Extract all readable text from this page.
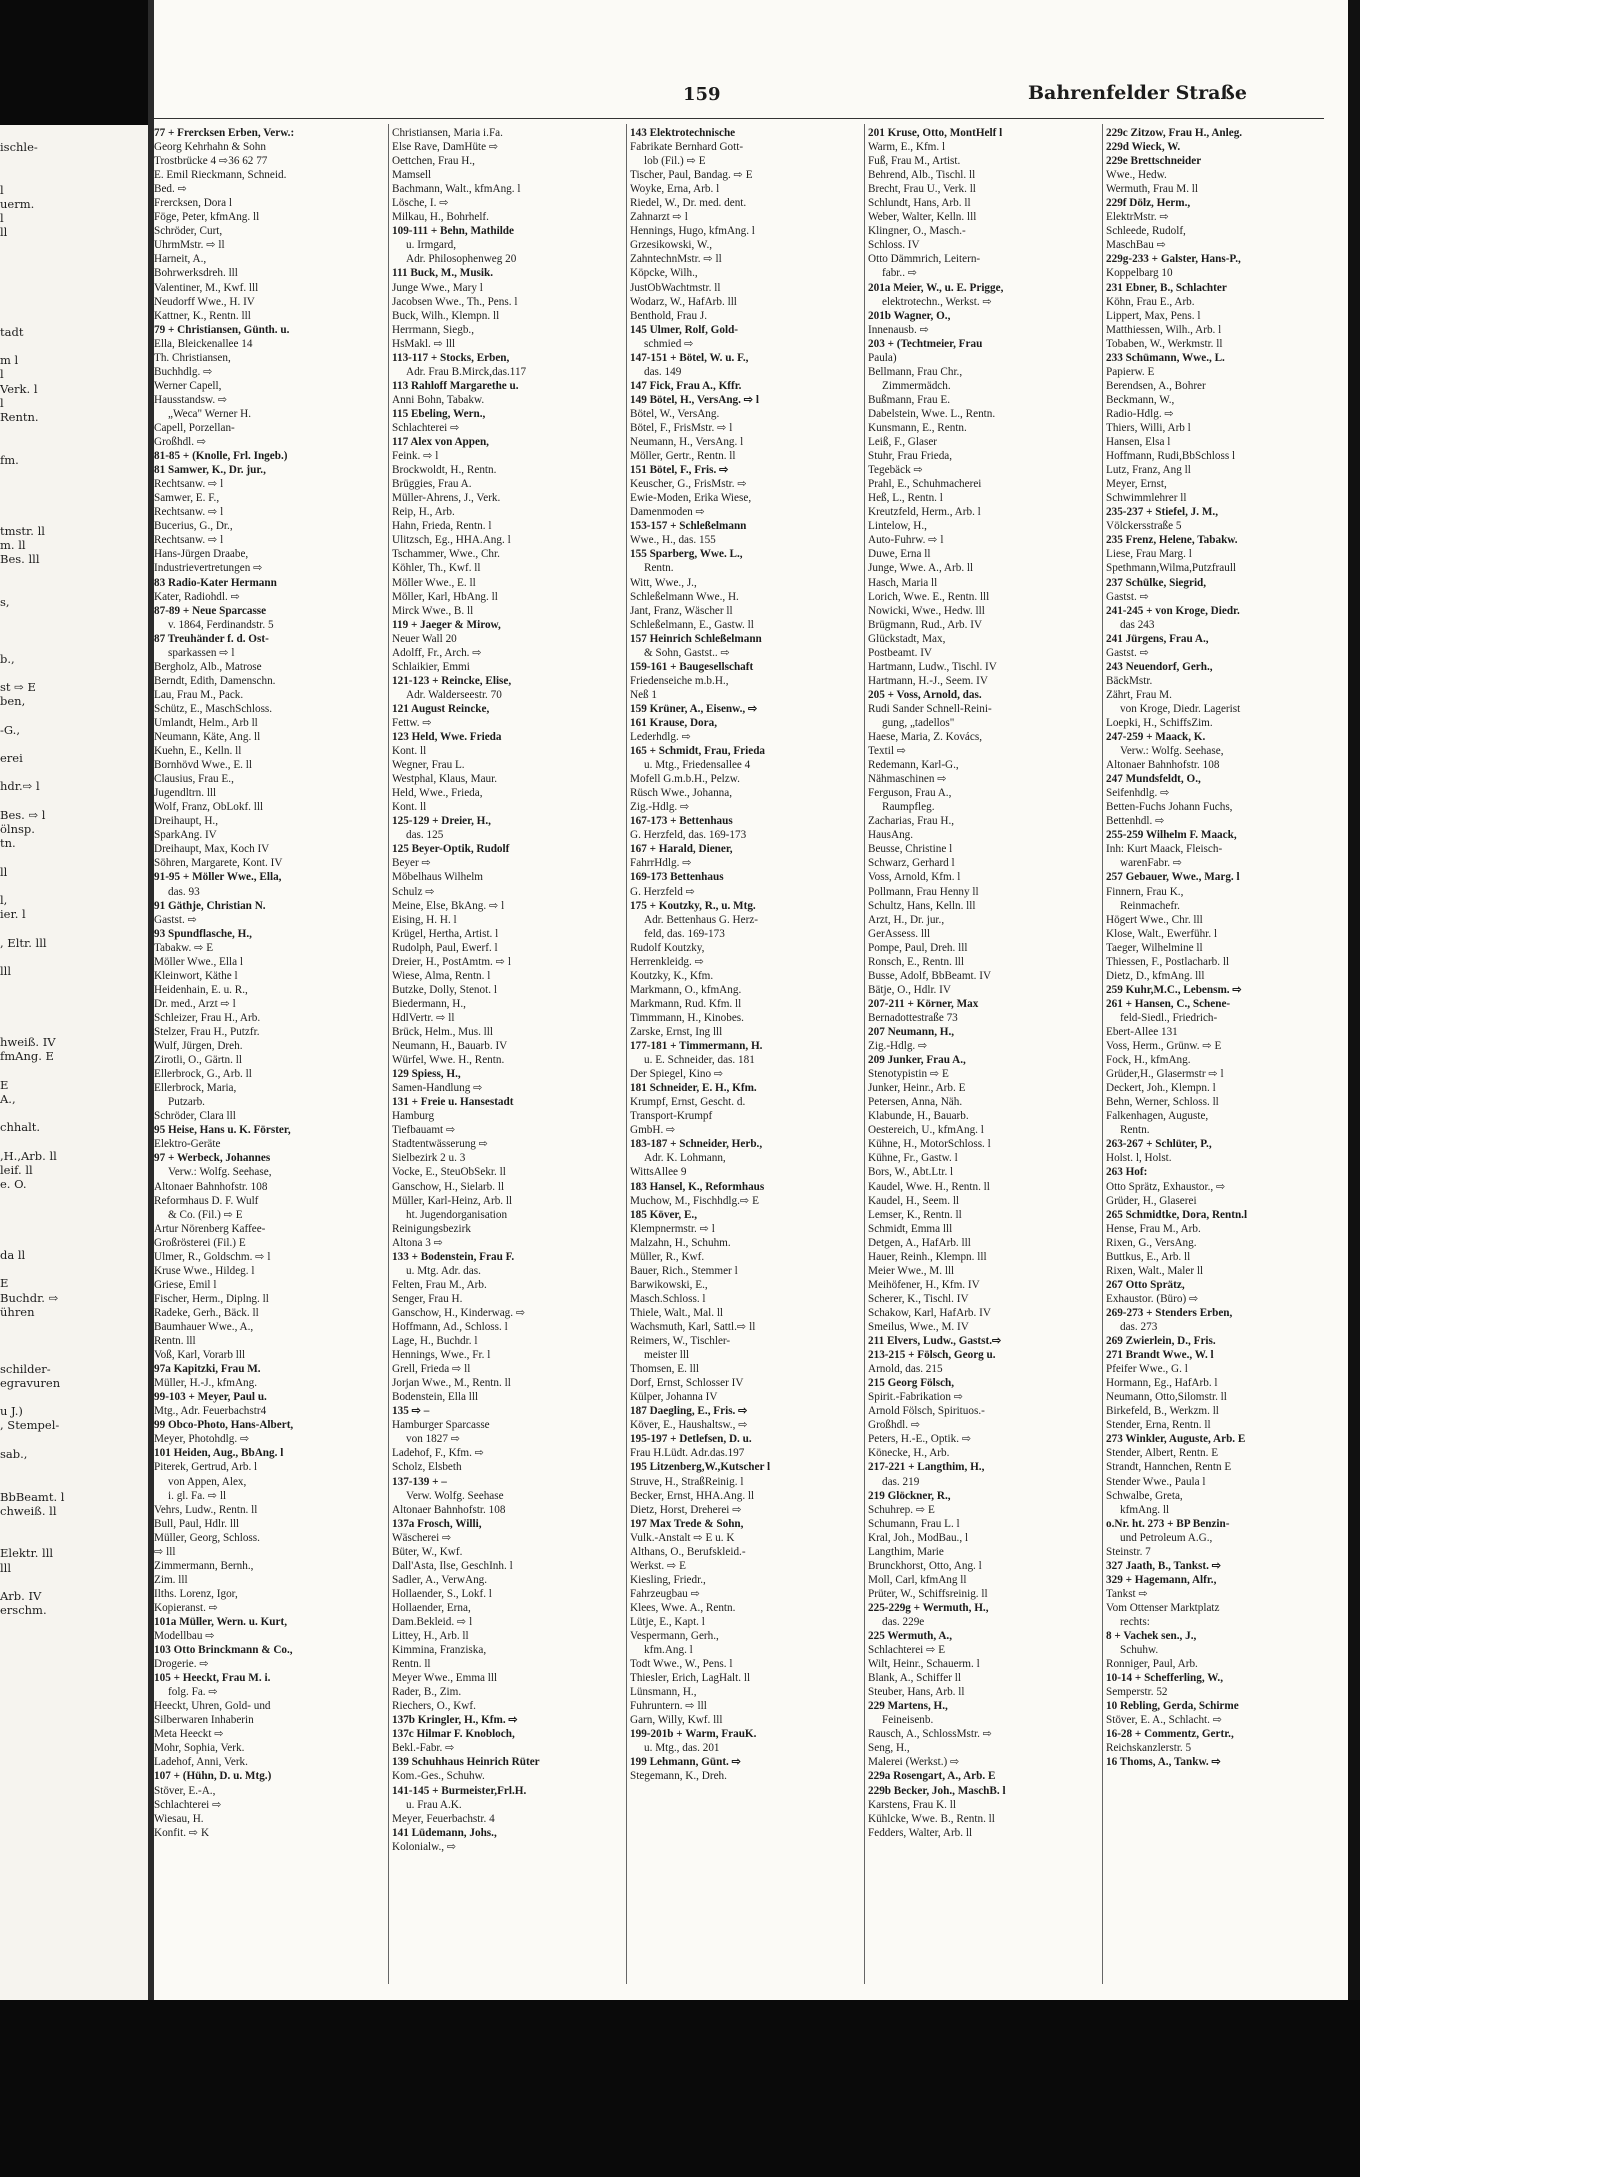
ischle-

l
uerm.
l
ll

tadt

m l
l
Verk. l
l
Rentn.

fm.

tmstr. ll
m. ll
Bes. lll

s,

b.,

st ⇨ E
ben,

-G.,

erei

hdr.⇨ l

Bes. ⇨ l
ölnsp.
tn.

ll

l,
ier. l

, Eltr. lll

lll

hweiß. IV
fmAng. E

E
A.,

chhalt.

,H.,Arb. ll
leif. ll
e. O.

da ll

E
Buchdr. ⇨
ühren

schilder-
egravuren

u J.)
, Stempel-

sab.,

BbBeamt. l
chweiß. ll

Elektr. lll
lll

Arb. IV
erschm.
159	Bahrenfelder Straße
77 + Frercksen Erben, Verw.:
Georg Kehrhahn & Sohn
Trostbrücke 4 ⇨36 62 77
E. Emil Rieckmann, Schneid.
Bed. ⇨
Frercksen, Dora l
Föge, Peter, kfmAng. ll
Schröder, Curt,
UhrmMstr. ⇨ ll
Harneit, A.,
Bohrwerksdreh. lll
Valentiner, M., Kwf. lll
Neudorff Wwe., H. IV
Kattner, K., Rentn. lll
79 + Christiansen, Günth. u.
Ella, Bleickenallee 14
Th. Christiansen,
Buchhdlg. ⇨
Werner Capell,
Hausstandsw. ⇨
„Weca" Werner H.
Capell, Porzellan-
Großhdl. ⇨
81-85 + (Knolle, Frl. Ingeb.)
81 Samwer, K., Dr. jur.,
Rechtsanw. ⇨ l
Samwer, E. F.,
Rechtsanw. ⇨ l
Bucerius, G., Dr.,
Rechtsanw. ⇨ l
Hans-Jürgen Draabe,
Industrievertretungen ⇨
83 Radio-Kater Hermann
Kater, Radiohdl. ⇨
87-89 + Neue Sparcasse
v. 1864, Ferdinandstr. 5
87 Treuhänder f. d. Ost-
sparkassen ⇨ l
Bergholz, Alb., Matrose
Berndt, Edith, Damenschn.
Lau, Frau M., Pack.
Schütz, E., MaschSchloss.
Umlandt, Helm., Arb ll
Neumann, Käte, Ang. ll
Kuehn, E., Kelln. ll
Bornhövd Wwe., E. ll
Clausius, Frau E.,
Jugendltrn. lll
Wolf, Franz, ObLokf. lll
Dreihaupt, H.,
SparkAng. IV
Dreihaupt, Max, Koch IV
Söhren, Margarete, Kont. IV
91-95 + Möller Wwe., Ella,
das. 93
91 Gäthje, Christian N.
Gastst. ⇨
93 Spundflasche, H.,
Tabakw. ⇨ E
Möller Wwe., Ella l
Kleinwort, Käthe l
Heidenhain, E. u. R.,
Dr. med., Arzt ⇨ l
Schleizer, Frau H., Arb.
Stelzer, Frau H., Putzfr.
Wulf, Jürgen, Dreh.
Zirotli, O., Gärtn. ll
Ellerbrock, G., Arb. ll
Ellerbrock, Maria,
Putzarb.
Schröder, Clara lll
95 Heise, Hans u. K. Förster,
Elektro-Geräte
97 + Werbeck, Johannes
Verw.: Wolfg. Seehase,
Altonaer Bahnhofstr. 108
Reformhaus D. F. Wulf
& Co. (Fil.) ⇨ E
Artur Nörenberg Kaffee-
Großrösterei (Fil.) E
Ulmer, R., Goldschm. ⇨ l
Kruse Wwe., Hildeg. l
Griese, Emil l
Fischer, Herm., Diplng. ll
Radeke, Gerh., Bäck. ll
Baumhauer Wwe., A.,
Rentn. lll
Voß, Karl, Vorarb lll
97a Kapitzki, Frau M.
Müller, H.-J., kfmAng.
99-103 + Meyer, Paul u.
Mtg., Adr. Feuerbachstr4
99 Obco-Photo, Hans-Albert,
Meyer, Photohdlg. ⇨
101 Heiden, Aug., BbAng. l
Piterek, Gertrud, Arb. l
von Appen, Alex,
i. gl. Fa. ⇨ ll
Vehrs, Ludw., Rentn. ll
Bull, Paul, Hdlr. lll
Müller, Georg, Schloss.
⇨ lll
Zimmermann, Bernh.,
Zim. lll
Ilths. Lorenz, Igor,
Kopieranst. ⇨
101a Müller, Wern. u. Kurt,
Modellbau ⇨
103 Otto Brinckmann & Co.,
Drogerie. ⇨
105 + Heeckt, Frau M. i.
folg. Fa. ⇨
Heeckt, Uhren, Gold- und
Silberwaren Inhaberin
Meta Heeckt ⇨
Mohr, Sophia, Verk.
Ladehof, Anni, Verk.
107 + (Hühn, D. u. Mtg.)
Stöver, E.-A.,
Schlachterei ⇨
Wiesau, H.
Konfit. ⇨ K
Christiansen, Maria i.Fa.
Else Rave, DamHüte ⇨
Oettchen, Frau H.,
Mamsell
Bachmann, Walt., kfmAng. l
Lösche, I. ⇨
Milkau, H., Bohrhelf.
109-111 + Behn, Mathilde
u. Irmgard,
Adr. Philosophenweg 20
111 Buck, M., Musik.
Junge Wwe., Mary l
Jacobsen Wwe., Th., Pens. l
Buck, Wilh., Klempn. ll
Herrmann, Siegb.,
HsMakl. ⇨ lll
113-117 + Stocks, Erben,
Adr. Frau B.Mirck,das.117
113 Rahloff Margarethe u.
Anni Bohn, Tabakw.
115 Ebeling, Wern.,
Schlachterei ⇨
117 Alex von Appen,
Feink. ⇨ l
Brockwoldt, H., Rentn.
Brüggies, Frau A.
Müller-Ahrens, J., Verk.
Reip, H., Arb.
Hahn, Frieda, Rentn. l
Ulitzsch, Eg., HHA.Ang. l
Tschammer, Wwe., Chr.
Köhler, Th., Kwf. ll
Möller Wwe., E. ll
Möller, Karl, HbAng. ll
Mirck Wwe., B. ll
119 + Jaeger & Mirow,
Neuer Wall 20
Adolff, Fr., Arch. ⇨
Schlaikier, Emmi
121-123 + Reincke, Elise,
Adr. Walderseestr. 70
121 August Reincke,
Fettw. ⇨
123 Held, Wwe. Frieda
Kont. ll
Wegner, Frau L.
Westphal, Klaus, Maur.
Held, Wwe., Frieda,
Kont. ll
125-129 + Dreier, H.,
das. 125
125 Beyer-Optik, Rudolf
Beyer ⇨
Möbelhaus Wilhelm
Schulz ⇨
Meine, Else, BkAng. ⇨ l
Eising, H. H. l
Krügel, Hertha, Artist. l
Rudolph, Paul, Ewerf. l
Dreier, H., PostAmtm. ⇨ l
Wiese, Alma, Rentn. l
Butzke, Dolly, Stenot. l
Biedermann, H.,
HdlVertr. ⇨ ll
Brück, Helm., Mus. lll
Neumann, H., Bauarb. IV
Würfel, Wwe. H., Rentn.
129 Spiess, H.,
Samen-Handlung ⇨
131 + Freie u. Hansestadt
Hamburg
Tiefbauamt ⇨
Stadtentwässerung ⇨
Sielbezirk 2 u. 3
Vocke, E., SteuObSekr. ll
Ganschow, H., Sielarb. ll
Müller, Karl-Heinz, Arb. ll
ht. Jugendorganisation
Reinigungsbezirk
Altona 3 ⇨
133 + Bodenstein, Frau F.
u. Mtg. Adr. das.
Felten, Frau M., Arb.
Senger, Frau H.
Ganschow, H., Kinderwag. ⇨
Hoffmann, Ad., Schloss. l
Lage, H., Buchdr. l
Hennings, Wwe., Fr. l
Grell, Frieda ⇨ ll
Jorjan Wwe., M., Rentn. ll
Bodenstein, Ella lll
135 ⇨ –
Hamburger Sparcasse
von 1827 ⇨
Ladehof, F., Kfm. ⇨
Scholz, Elsbeth
137-139 + –
Verw. Wolfg. Seehase
Altonaer Bahnhofstr. 108
137a Frosch, Willi,
Wäscherei ⇨
Büter, W., Kwf.
Dall'Asta, Ilse, GeschInh. l
Sadler, A., VerwAng.
Hollaender, S., Lokf. l
Hollaender, Erna,
Dam.Bekleid. ⇨ l
Littey, H., Arb. ll
Kimmina, Franziska,
Rentn. ll
Meyer Wwe., Emma lll
Rader, B., Zim.
Riechers, O., Kwf.
137b Kringler, H., Kfm. ⇨
137c Hilmar F. Knobloch,
Bekl.-Fabr. ⇨
139 Schuhhaus Heinrich Rüter
Kom.-Ges., Schuhw.
141-145 + Burmeister,Frl.H.
u. Frau A.K.
Meyer, Feuerbachstr. 4
141 Lüdemann, Johs.,
Kolonialw., ⇨
143 Elektrotechnische
Fabrikate Bernhard Gott-
lob (Fil.) ⇨ E
Tischer, Paul, Bandag. ⇨ E
Woyke, Erna, Arb. l
Riedel, W., Dr. med. dent.
Zahnarzt ⇨ l
Hennings, Hugo, kfmAng. l
Grzesikowski, W.,
ZahntechnMstr. ⇨ ll
Köpcke, Wilh.,
JustObWachtmstr. ll
Wodarz, W., HafArb. lll
Benthold, Frau J.
145 Ulmer, Rolf, Gold-
schmied ⇨
147-151 + Bötel, W. u. F.,
das. 149
147 Fick, Frau A., Kffr.
149 Bötel, H., VersAng. ⇨ l
Bötel, W., VersAng.
Bötel, F., FrisMstr. ⇨ l
Neumann, H., VersAng. l
Möller, Gertr., Rentn. ll
151 Bötel, F., Fris. ⇨
Keuscher, G., FrisMstr. ⇨
Ewie-Moden, Erika Wiese,
Damenmoden ⇨
153-157 + Schleßelmann
Wwe., H., das. 155
155 Sparberg, Wwe. L.,
Rentn.
Witt, Wwe., J.,
Schleßelmann Wwe., H.
Jant, Franz, Wäscher ll
Schleßelmann, E., Gastw. ll
157 Heinrich Schleßelmann
& Sohn, Gastst.. ⇨
159-161 + Baugesellschaft
Friedenseiche m.b.H.,
Neß 1
159 Krüner, A., Eisenw., ⇨
161 Krause, Dora,
Lederhdlg. ⇨
165 + Schmidt, Frau, Frieda
u. Mtg., Friedensallee 4
Mofell G.m.b.H., Pelzw.
Rüsch Wwe., Johanna,
Zig.-Hdlg. ⇨
167-173 + Bettenhaus
G. Herzfeld, das. 169-173
167 + Harald, Diener,
FahrrHdlg. ⇨
169-173 Bettenhaus
G. Herzfeld ⇨
175 + Koutzky, R., u. Mtg.
Adr. Bettenhaus G. Herz-
feld, das. 169-173
Rudolf Koutzky,
Herrenkleidg. ⇨
Koutzky, K., Kfm.
Markmann, O., kfmAng.
Markmann, Rud. Kfm. ll
Timmmann, H., Kinobes.
Zarske, Ernst, Ing lll
177-181 + Timmermann, H.
u. E. Schneider, das. 181
Der Spiegel, Kino ⇨
181 Schneider, E. H., Kfm.
Krumpf, Ernst, Gescht. d.
Transport-Krumpf
GmbH. ⇨
183-187 + Schneider, Herb.,
Adr. K. Lohmann,
WittsAllee 9
183 Hansel, K., Reformhaus
Muchow, M., Fischhdlg.⇨ E
185 Köver, E.,
Klempnermstr. ⇨ l
Malzahn, H., Schuhm.
Müller, R., Kwf.
Bauer, Rich., Stemmer l
Barwikowski, E.,
Masch.Schloss. l
Thiele, Walt., Mal. ll
Wachsmuth, Karl, Sattl.⇨ ll
Reimers, W., Tischler-
meister lll
Thomsen, E. lll
Dorf, Ernst, Schlosser IV
Külper, Johanna IV
187 Daegling, E., Fris. ⇨
Köver, E., Haushaltsw., ⇨
195-197 + Detlefsen, D. u.
Frau H.Lüdt. Adr.das.197
195 Litzenberg,W.,Kutscher l
Struve, H., StraßReinig. l
Becker, Ernst, HHA.Ang. ll
Dietz, Horst, Dreherei ⇨
197 Max Trede & Sohn,
Vulk.-Anstalt ⇨ E u. K
Althans, O., Berufskleid.-
Werkst. ⇨ E
Kiesling, Friedr.,
Fahrzeugbau ⇨
Klees, Wwe. A., Rentn.
Lütje, E., Kapt. l
Vespermann, Gerh.,
kfm.Ang. l
Todt Wwe., W., Pens. l
Thiesler, Erich, LagHalt. ll
Lünsmann, H.,
Fuhruntern. ⇨ lll
Garn, Willy, Kwf. lll
199-201b + Warm, FrauK.
u. Mtg., das. 201
199 Lehmann, Günt. ⇨
Stegemann, K., Dreh.
201 Kruse, Otto, MontHelf l
Warm, E., Kfm. l
Fuß, Frau M., Artist.
Behrend, Alb., Tischl. ll
Brecht, Frau U., Verk. ll
Schlundt, Hans, Arb. ll
Weber, Walter, Kelln. lll
Klingner, O., Masch.-
Schloss. IV
Otto Dämmrich, Leitern-
fabr.. ⇨
201a Meier, W., u. E. Prigge,
elektrotechn., Werkst. ⇨
201b Wagner, O.,
Innenausb. ⇨
203 + (Techtmeier, Frau
Paula)
Bellmann, Frau Chr.,
Zimmermädch.
Bußmann, Frau E.
Dabelstein, Wwe. L., Rentn.
Kunsmann, E., Rentn.
Leiß, F., Glaser
Stuhr, Frau Frieda,
Tegebäck ⇨
Prahl, E., Schuhmacherei
Heß, L., Rentn. l
Kreutzfeld, Herm., Arb. l
Lintelow, H.,
Auto-Fuhrw. ⇨ l
Duwe, Erna ll
Junge, Wwe. A., Arb. ll
Hasch, Maria ll
Lorich, Wwe. E., Rentn. lll
Nowicki, Wwe., Hedw. lll
Brügmann, Rud., Arb. IV
Glückstadt, Max,
Postbeamt. IV
Hartmann, Ludw., Tischl. IV
Hartmann, H.-J., Seem. IV
205 + Voss, Arnold, das.
Rudi Sander Schnell-Reini-
gung, „tadellos"
Haese, Maria, Z. Kovács,
Textil ⇨
Redemann, Karl-G.,
Nähmaschinen ⇨
Ferguson, Frau A.,
Raumpfleg.
Zacharias, Frau H.,
HausAng.
Beusse, Christine l
Schwarz, Gerhard l
Voss, Arnold, Kfm. l
Pollmann, Frau Henny ll
Schultz, Hans, Kelln. lll
Arzt, H., Dr. jur.,
GerAssess. lll
Pompe, Paul, Dreh. lll
Ronsch, E., Rentn. lll
Busse, Adolf, BbBeamt. IV
Bätje, O., Hdlr. IV
207-211 + Körner, Max
Bernadottestraße 73
207 Neumann, H.,
Zig.-Hdlg. ⇨
209 Junker, Frau A.,
Stenotypistin ⇨ E
Junker, Heinr., Arb. E
Petersen, Anna, Näh.
Klabunde, H., Bauarb.
Oestereich, U., kfmAng. l
Kühne, H., MotorSchloss. l
Kühne, Fr., Gastw. l
Bors, W., Abt.Ltr. l
Kaudel, Wwe. H., Rentn. ll
Kaudel, H., Seem. ll
Lemser, K., Rentn. ll
Schmidt, Emma lll
Detgen, A., HafArb. lll
Hauer, Reinh., Klempn. lll
Meier Wwe., M. lll
Meihöfener, H., Kfm. IV
Scherer, K., Tischl. IV
Schakow, Karl, HafArb. IV
Smeilus, Wwe., M. IV
211 Elvers, Ludw., Gastst.⇨
213-215 + Fölsch, Georg u.
Arnold, das. 215
215 Georg Fölsch,
Spirit.-Fabrikation ⇨
Arnold Fölsch, Spirituos.-
Großhdl. ⇨
Peters, H.-E., Optik. ⇨
Könecke, H., Arb.
217-221 + Langthim, H.,
das. 219
219 Glöckner, R.,
Schuhrep. ⇨ E
Schumann, Frau L. l
Kral, Joh., ModBau., l
Langthim, Marie
Brunckhorst, Otto, Ang. l
Moll, Carl, kfmAng ll
Prüter, W., Schiffsreinig. ll
225-229g + Wermuth, H.,
das. 229e
225 Wermuth, A.,
Schlachterei ⇨ E
Wilt, Heinr., Schauerm. l
Blank, A., Schiffer ll
Steuber, Hans, Arb. ll
229 Martens, H.,
Feineisenb.
Rausch, A., SchlossMstr. ⇨
Seng, H.,
Malerei (Werkst.) ⇨
229a Rosengart, A., Arb. E
229b Becker, Joh., MaschB. l
Karstens, Frau K. ll
Kühlcke, Wwe. B., Rentn. ll
Fedders, Walter, Arb. ll
229c Zitzow, Frau H., Anleg.
229d Wieck, W.
229e Brettschneider
Wwe., Hedw.
Wermuth, Frau M. ll
229f Dölz, Herm.,
ElektrMstr. ⇨
Schleede, Rudolf,
MaschBau ⇨
229g-233 + Galster, Hans-P.,
Koppelbarg 10
231 Ebner, B., Schlachter
Köhn, Frau E., Arb.
Lippert, Max, Pens. l
Matthiessen, Wilh., Arb. l
Tobaben, W., Werkmstr. ll
233 Schümann, Wwe., L.
Papierw. E
Berendsen, A., Bohrer
Beckmann, W.,
Radio-Hdlg. ⇨
Thiers, Willi, Arb l
Hansen, Elsa l
Hoffmann, Rudi,BbSchloss l
Lutz, Franz, Ang ll
Meyer, Ernst,
Schwimmlehrer ll
235-237 + Stiefel, J. M.,
Völckersstraße 5
235 Frenz, Helene, Tabakw.
Liese, Frau Marg. l
Spethmann,Wilma,Putzfraull
237 Schülke, Siegrid,
Gastst. ⇨
241-245 + von Kroge, Diedr.
das 243
241 Jürgens, Frau A.,
Gastst. ⇨
243 Neuendorf, Gerh.,
BäckMstr.
Zährt, Frau M.
von Kroge, Diedr. Lagerist
Loepki, H., SchiffsZim.
247-259 + Maack, K.
Verw.: Wolfg. Seehase,
Altonaer Bahnhofstr. 108
247 Mundsfeldt, O.,
Seifenhdlg. ⇨
Betten-Fuchs Johann Fuchs,
Bettenhdl. ⇨
255-259 Wilhelm F. Maack,
Inh: Kurt Maack, Fleisch-
warenFabr. ⇨
257 Gebauer, Wwe., Marg. l
Finnern, Frau K.,
Reinmachefr.
Högert Wwe., Chr. lll
Klose, Walt., Ewerführ. l
Taeger, Wilhelmine ll
Thiessen, F., Postlacharb. ll
Dietz, D., kfmAng. lll
259 Kuhr,M.C., Lebensm. ⇨
261 + Hansen, C., Schene-
feld-Siedl., Friedrich-
Ebert-Allee 131
Voss, Herm., Grünw. ⇨ E
Fock, H., kfmAng.
Grüder,H., Glasermstr ⇨ l
Deckert, Joh., Klempn. l
Behn, Werner, Schloss. ll
Falkenhagen, Auguste,
Rentn.
263-267 + Schlüter, P.,
Holst. l, Holst.
263 Hof:
Otto Sprätz, Exhaustor., ⇨
Grüder, H., Glaserei
265 Schmidtke, Dora, Rentn.l
Hense, Frau M., Arb.
Rixen, G., VersAng.
Buttkus, E., Arb. ll
Rixen, Walt., Maler ll
267 Otto Sprätz,
Exhaustor. (Büro) ⇨
269-273 + Stenders Erben,
das. 273
269 Zwierlein, D., Fris.
271 Brandt Wwe., W. l
Pfeifer Wwe., G. l
Hormann, Eg., HafArb. l
Neumann, Otto,Silomstr. ll
Birkefeld, B., Werkzm. ll
Stender, Erna, Rentn. ll
273 Winkler, Auguste, Arb. E
Stender, Albert, Rentn. E
Strandt, Hannchen, Rentn E
Stender Wwe., Paula l
Schwalbe, Greta,
kfmAng. ll
o.Nr. ht. 273 + BP Benzin-
und Petroleum A.G.,
Steinstr. 7
327 Jaath, B., Tankst. ⇨
329 + Hagemann, Alfr.,
Tankst ⇨
Vom Ottenser Marktplatz
rechts:
8 + Vachek sen., J.,
Schuhw.
Ronniger, Paul, Arb.
10-14 + Schefferling, W.,
Semperstr. 52
10 Rebling, Gerda, Schirme
Stöver, E. A., Schlacht. ⇨
16-28 + Commentz, Gertr.,
Reichskanzlerstr. 5
16 Thoms, A., Tankw. ⇨
